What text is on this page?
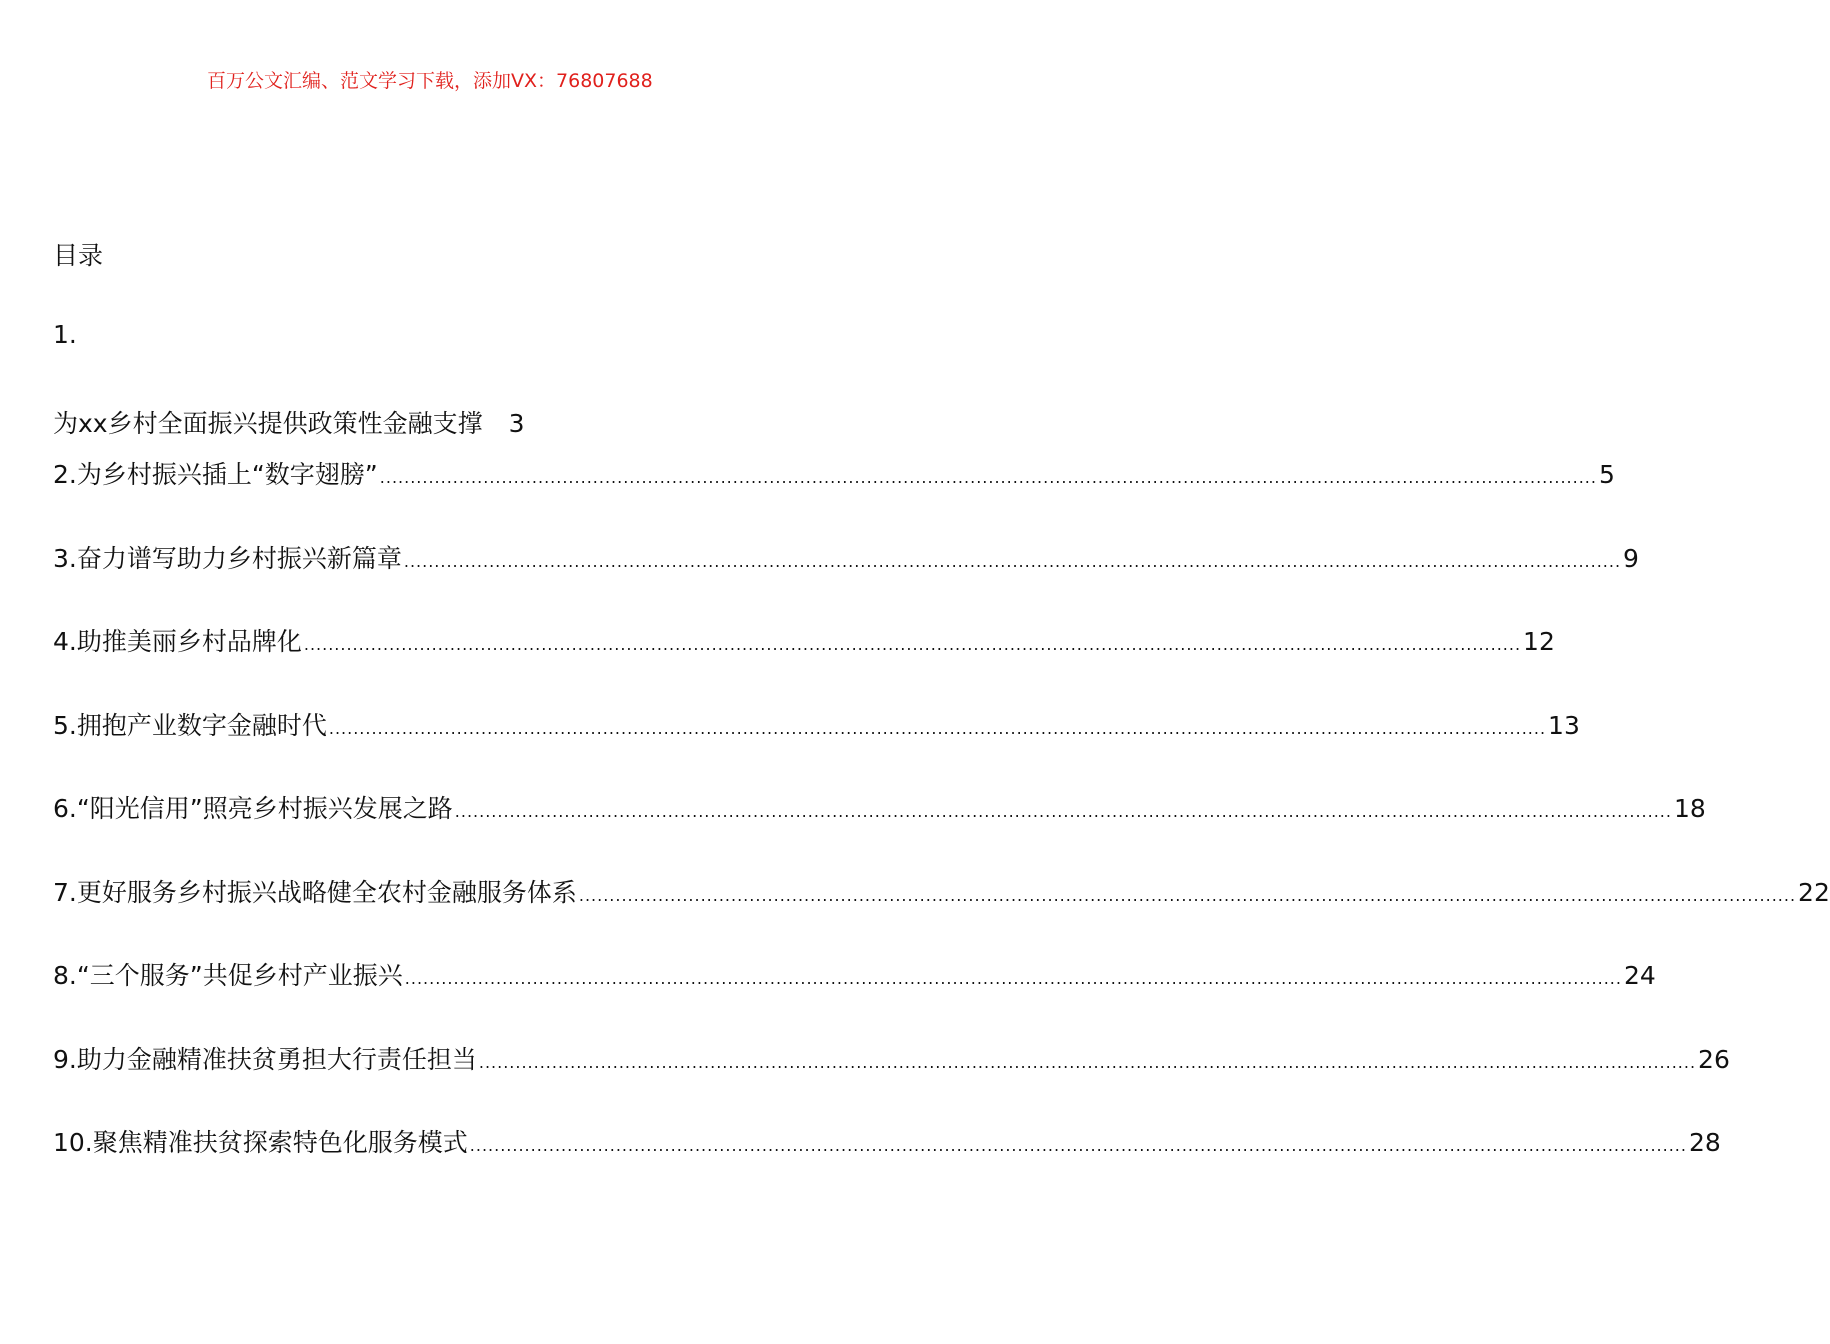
百万公文汇编、范文学习下载，添加VX：76807688
目录
1.
为xx乡村全面振兴提供政策性金融支撑 3
2.为乡村振兴插上“数字翅膀” ........................................................................................................................................................................................................ 5
3.奋力谱写助力乡村振兴新篇章 ........................................................................................................................................................................................................ 9
4.助推美丽乡村品牌化 ........................................................................................................................................................................................................ 12
5.拥抱产业数字金融时代 ........................................................................................................................................................................................................ 13
6.“阳光信用”照亮乡村振兴发展之路 ........................................................................................................................................................................................................ 18
7.更好服务乡村振兴战略健全农村金融服务体系 ........................................................................................................................................................................................................ 22
8.“三个服务”共促乡村产业振兴 ........................................................................................................................................................................................................ 24
9.助力金融精准扶贫勇担大行责任担当 ........................................................................................................................................................................................................ 26
10.聚焦精准扶贫探索特色化服务模式 ........................................................................................................................................................................................................ 28
